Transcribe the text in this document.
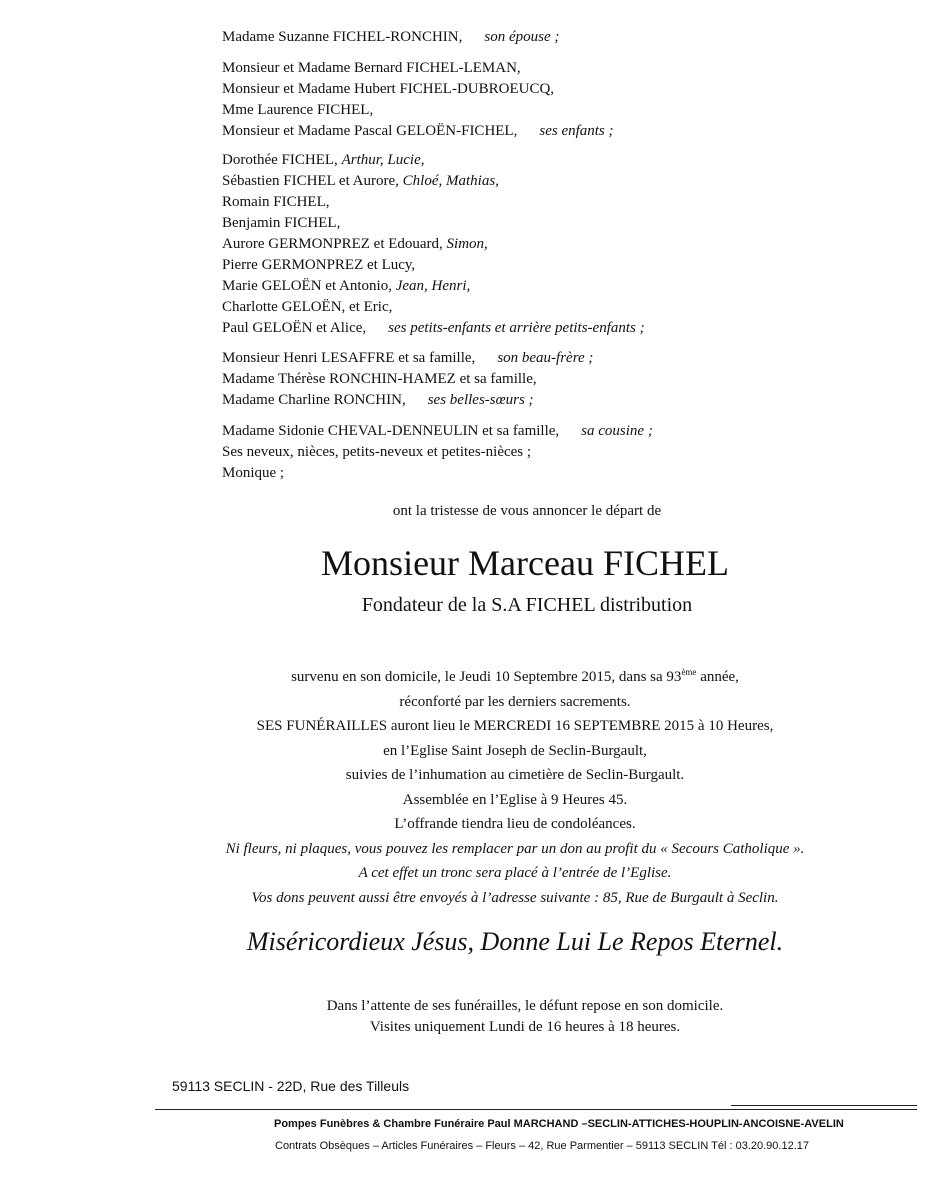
Madame Suzanne FICHEL-RONCHIN, son épouse ;
Monsieur et Madame Bernard FICHEL-LEMAN,
Monsieur et Madame Hubert FICHEL-DUBROEUCQ,
Mme Laurence FICHEL,
Monsieur et Madame Pascal GELOËN-FICHEL, ses enfants ;
Dorothée FICHEL, Arthur, Lucie,
Sébastien FICHEL et Aurore, Chloé, Mathias,
Romain FICHEL,
Benjamin FICHEL,
Aurore GERMONPREZ et Edouard, Simon,
Pierre GERMONPREZ et Lucy,
Marie GELOËN et Antonio, Jean, Henri,
Charlotte GELOËN, et Eric,
Paul GELOËN et Alice, ses petits-enfants et arrière petits-enfants ;
Monsieur Henri LESAFFRE et sa famille, son beau-frère ;
Madame Thérèse RONCHIN-HAMEZ et sa famille,
Madame Charline RONCHIN, ses belles-sœurs ;
Madame Sidonie CHEVAL-DENNEULIN et sa famille, sa cousine ;
Ses neveux, nièces, petits-neveux et petites-nièces ;
Monique ;
ont la tristesse de vous annoncer le départ de
Monsieur Marceau FICHEL
Fondateur de la S.A FICHEL distribution
survenu en son domicile, le Jeudi 10 Septembre 2015, dans sa 93ème année,
réconforté par les derniers sacrements.
SES FUNÉRAILLES auront lieu le MERCREDI 16 SEPTEMBRE 2015 à 10 Heures,
en l’Eglise Saint Joseph de Seclin-Burgault,
suivies de l’inhumation au cimetière de Seclin-Burgault.
Assemblée en l’Eglise à 9 Heures 45.
L’offrande tiendra lieu de condoléances.
Ni fleurs, ni plaques, vous pouvez les remplacer par un don au profit du « Secours Catholique ».
A cet effet un tronc sera placé à l’entrée de l’Eglise.
Vos dons peuvent aussi être envoyés à l’adresse suivante : 85, Rue de Burgault à Seclin.
Miséricordieux Jésus, Donne Lui Le Repos Eternel.
Dans l’attente de ses funérailles, le défunt repose en son domicile.
Visites uniquement Lundi de 16 heures à 18 heures.
59113 SECLIN - 22D, Rue des Tilleuls
Pompes Funèbres & Chambre Funéraire Paul MARCHAND –SECLIN-ATTICHES-HOUPLIN-ANCOISNE-AVELIN
Contrats Obsèques – Articles Funéraires – Fleurs – 42, Rue Parmentier – 59113 SECLIN Tél : 03.20.90.12.17
